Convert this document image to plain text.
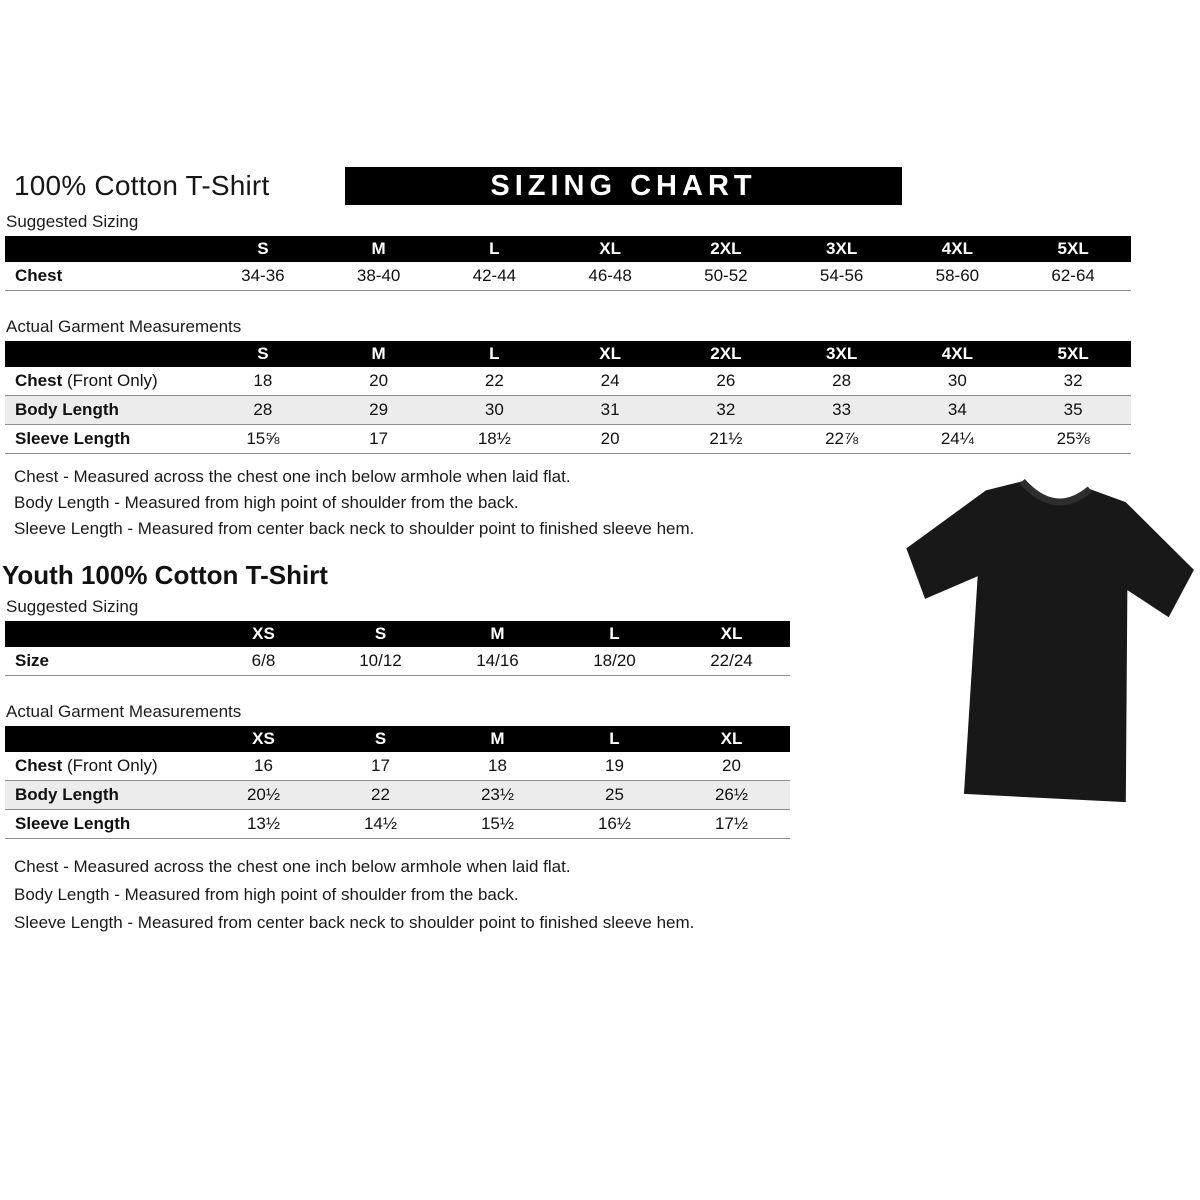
100% Cotton T-Shirt	SIZING CHART
Suggested Sizing
S	M	L	XL	2XL	3XL	4XL	5XL
Chest	34-36	38-40	42-44	46-48	50-52	54-56	58-60	62-64
Actual Garment Measurements
S	M	L	XL	2XL	3XL	4XL	5XL
Chest (Front Only)	18	20	22	24	26	28	30	32
Body Length	28	29	30	31	32	33	34	35
Sleeve Length	15⅝	17	18½	20	21½	22⅞	24¼	25⅜
Chest - Measured across the chest one inch below armhole when laid flat.
Body Length - Measured from high point of shoulder from the back.
Sleeve Length - Measured from center back neck to shoulder point to finished sleeve hem.
Youth 100% Cotton T-Shirt
Suggested Sizing
XS	S	M	L	XL
Size	6/8	10/12	14/16	18/20	22/24
Actual Garment Measurements
XS	S	M	L	XL
Chest (Front Only)	16	17	18	19	20
Body Length	20½	22	23½	25	26½
Sleeve Length	13½	14½	15½	16½	17½
Chest - Measured across the chest one inch below armhole when laid flat.
Body Length - Measured from high point of shoulder from the back.
Sleeve Length - Measured from center back neck to shoulder point to finished sleeve hem.
